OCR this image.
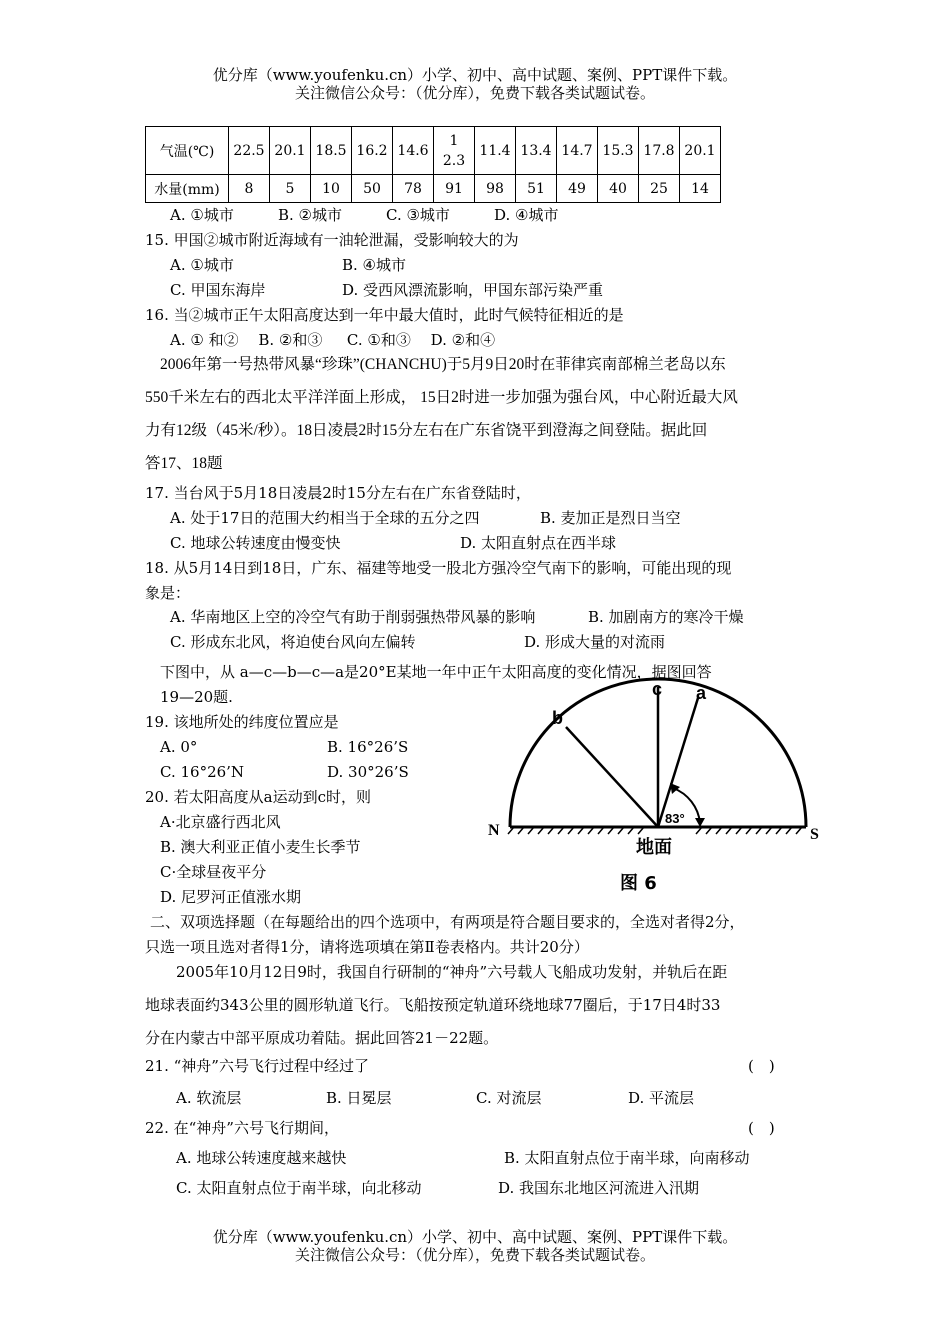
优分库（www.youfenku.cn）小学、初中、高中试题、案例、PPT课件下载。
关注微信公众号：（优分库），免费下载各类试题试卷。
气温(℃)	22.5	20.1	18.5	16.2	14.6	1
2.3	11.4	13.4	14.7	15.3	17.8	20.1
水量(mm)	8	5	10	50	78	91	98	51	49	40	25	14
A. ①城市	B. ②城市	C. ③城市	D. ④城市
15. 甲国②城市附近海域有一油轮泄漏，受影响较大的为
A. ①城市	B. ④城市
C. 甲国东海岸	D. 受西风漂流影响，甲国东部污染严重
16. 当②城市正午太阳高度达到一年中最大值时，此时气候特征相近的是
A. ① 和②　 B. ②和③　  C. ①和③　 D. ②和④
2006年第一号热带风暴“珍珠”(CHANCHU)于5月9日20时在菲律宾南部棉兰老岛以东
550千米左右的西北太平洋洋面上形成， 15日2时进一步加强为强台风，中心附近最大风
力有12级（45米/秒）。18日凌晨2时15分左右在广东省饶平到澄海之间登陆。据此回
答17、18题
17. 当台风于5月18日凌晨2时15分左右在广东省登陆时，
A. 处于17日的范围大约相当于全球的五分之四	B. 麦加正是烈日当空
C. 地球公转速度由慢变快	D. 太阳直射点在西半球
18. 从5月14日到18日，广东、福建等地受一股北方强冷空气南下的影响，可能出现的现
象是：
A. 华南地区上空的冷空气有助于削弱强热带风暴的影响	B. 加剧南方的寒冷干燥
C. 形成东北风，将迫使台风向左偏转	D. 形成大量的对流雨
下图中，从 a—c—b—c—a是20°E某地一年中正午太阳高度的变化情况，据图回答
19—20题.
19. 该地所处的纬度位置应是
A. 0°	B. 16°26’S
C. 16°26’N	D. 30°26’S
20. 若太阳高度从a运动到c时，则
A·北京盛行西北风
B. 澳大利亚正值小麦生长季节
C·全球昼夜平分
D. 尼罗河正值涨水期
c a
b
N	S
83°
地面
图 6
二、双项选择题（在每题给出的四个选项中，有两项是符合题目要求的，全选对者得2分，
只选一项且选对者得1分，请将选项填在第Ⅱ卷表格内。共计20分）
2005年10月12日9时，我国自行研制的“神舟”六号载人飞船成功发射，并轨后在距
地球表面约343公里的圆形轨道飞行。飞船按预定轨道环绕地球77圈后，于17日4时33
分在内蒙古中部平原成功着陆。据此回答21－22题。
21. “神舟”六号飞行过程中经过了	(　)
A. 软流层	B. 日冕层	C. 对流层	D. 平流层
22. 在“神舟”六号飞行期间，	(　)
A. 地球公转速度越来越快	B. 太阳直射点位于南半球，向南移动
C. 太阳直射点位于南半球，向北移动	D. 我国东北地区河流进入汛期
优分库（www.youfenku.cn）小学、初中、高中试题、案例、PPT课件下载。
关注微信公众号：（优分库），免费下载各类试题试卷。
